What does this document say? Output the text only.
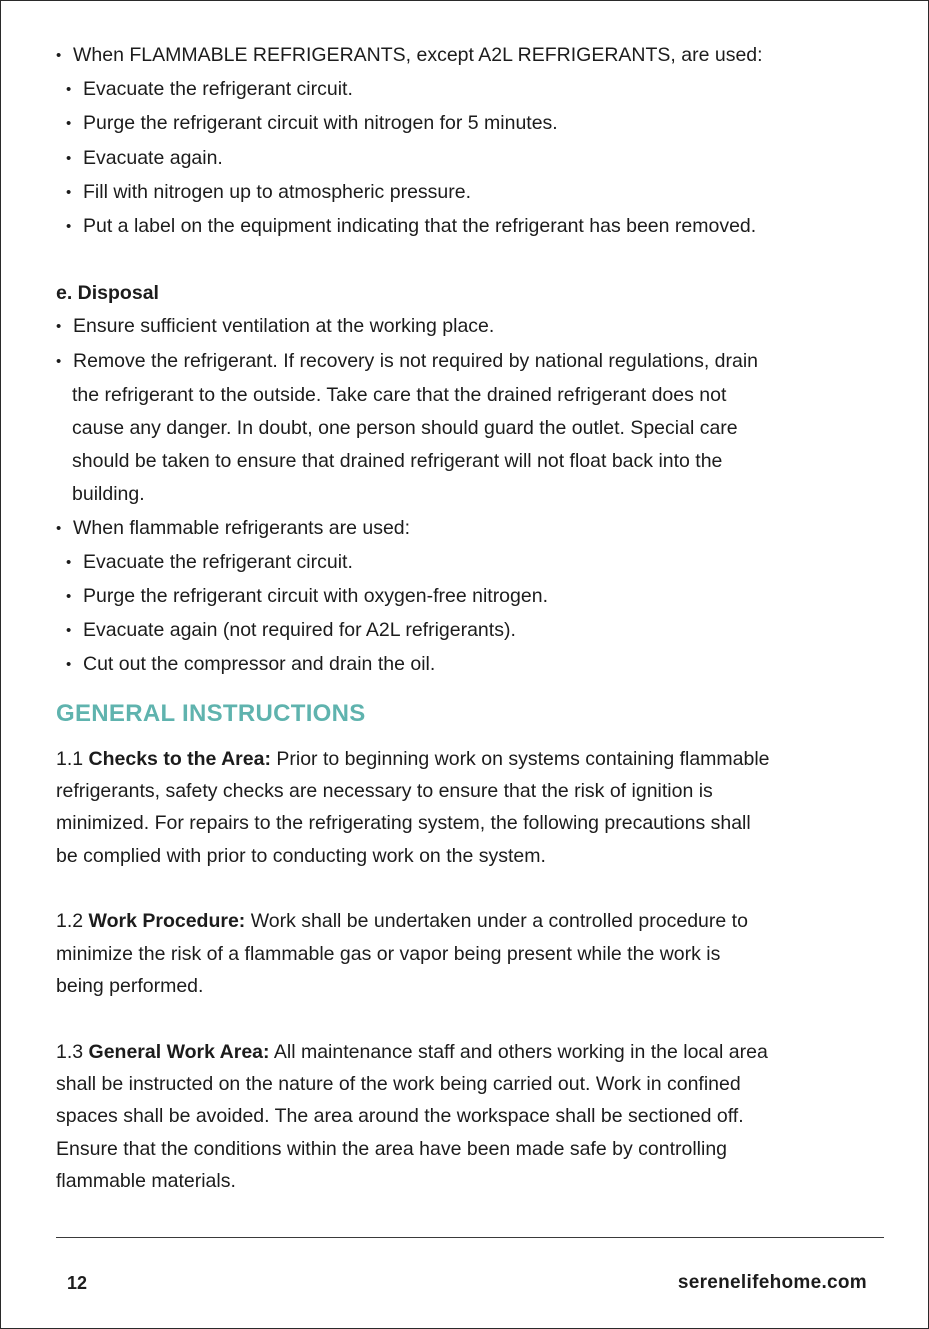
•When FLAMMABLE REFRIGERANTS, except A2L REFRIGERANTS, are used:
•Evacuate the refrigerant circuit.
•Purge the refrigerant circuit with nitrogen for 5 minutes.
•Evacuate again.
•Fill with nitrogen up to atmospheric pressure.
•Put a label on the equipment indicating that the refrigerant has been removed.
e. Disposal
•Ensure sufficient ventilation at the working place.
•Remove the refrigerant. If recovery is not required by national regulations, drain
the refrigerant to the outside. Take care that the drained refrigerant does not
cause any danger. In doubt, one person should guard the outlet. Special care
should be taken to ensure that drained refrigerant will not float back into the
building.
•When flammable refrigerants are used:
•Evacuate the refrigerant circuit.
•Purge the refrigerant circuit with oxygen-free nitrogen.
•Evacuate again (not required for A2L refrigerants).
•Cut out the compressor and drain the oil.
GENERAL INSTRUCTIONS
1.1 Checks to the Area: Prior to beginning work on systems containing flammable
refrigerants, safety checks are necessary to ensure that the risk of ignition is
minimized. For repairs to the refrigerating system, the following precautions shall
be complied with prior to conducting work on the system.
1.2 Work Procedure: Work shall be undertaken under a controlled procedure to
minimize the risk of a flammable gas or vapor being present while the work is
being performed.
1.3 General Work Area: All maintenance staff and others working in the local area
shall be instructed on the nature of the work being carried out. Work in confined
spaces shall be avoided. The area around the workspace shall be sectioned off.
Ensure that the conditions within the area have been made safe by controlling
flammable materials.
12	serenelifehome.com
